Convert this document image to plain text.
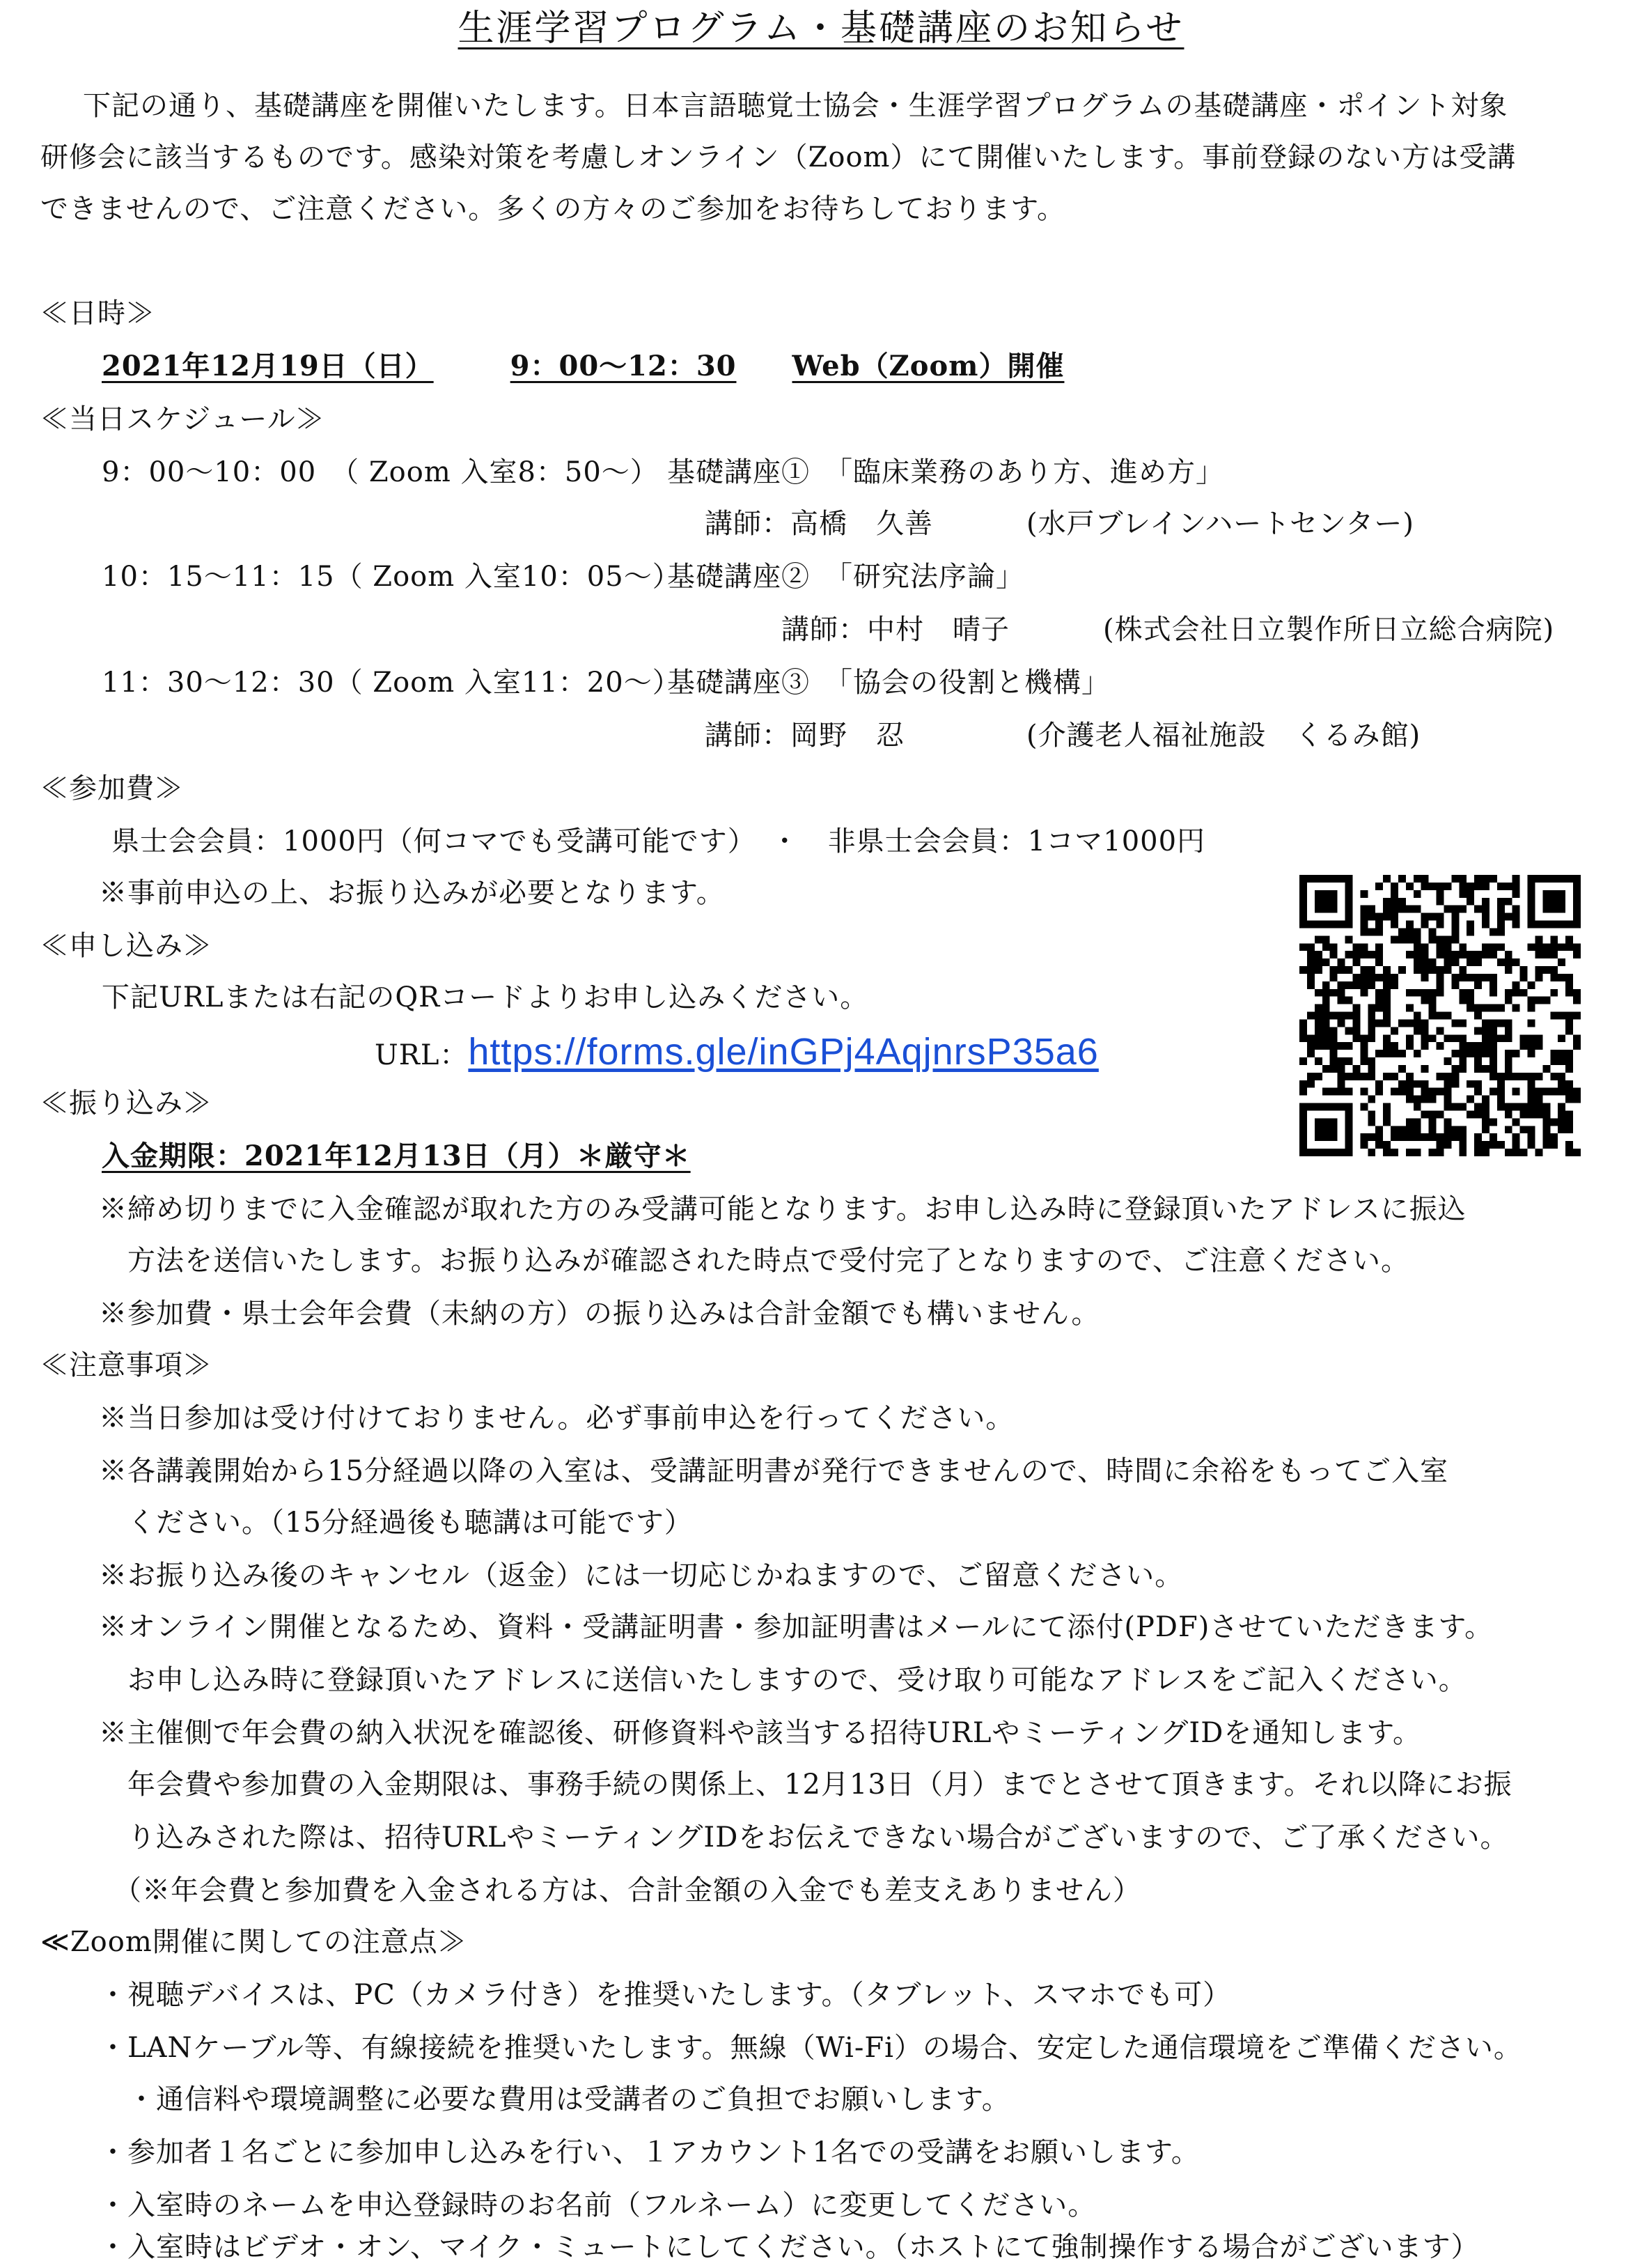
生涯学習プログラム・基礎講座のお知らせ
　下記の通り、基礎講座を開催いたします。日本言語聴覚士協会・生涯学習プログラムの基礎講座・ポイント対象
研修会に該当するものです。感染対策を考慮しオンライン（Zoom）にて開催いたします。事前登録のない方は受講
できませんので、ご注意ください。多くの方々のご参加をお待ちしております。
≪日時≫
2021年12月19日（日）	9：00～12：30 Web（Zoom）開催
≪当日スケジュール≫
9：00～10：00　（ Zoom 入室8：50～） 基礎講座①　「臨床業務のあり方、進め方」
講師：高橋　久善	(水戸ブレインハートセンター)
10：15～11：15（ Zoom 入室10：05～）
基礎講座②　「研究法序論」
講師：中村　晴子	(株式会社日立製作所日立総合病院)
11：30～12：30（ Zoom 入室11：20～）
基礎講座③　「協会の役割と機構」
講師：岡野　忍	(介護老人福祉施設　くるみ館)
≪参加費≫
県士会会員：1000円（何コマでも受講可能です）　・　非県士会会員：1コマ1000円
※事前申込の上、お振り込みが必要となります。
≪申し込み≫
下記URLまたは右記のQRコードよりお申し込みください。
URL：https://forms.gle/inGPj4AqjnrsP35a6
≪振り込み≫
入金期限：2021年12月13日（月）＊厳守＊
※締め切りまでに入金確認が取れた方のみ受講可能となります。お申し込み時に登録頂いたアドレスに振込
　方法を送信いたします。お振り込みが確認された時点で受付完了となりますので、ご注意ください。
※参加費・県士会年会費（未納の方）の振り込みは合計金額でも構いません。
≪注意事項≫
※当日参加は受け付けておりません。必ず事前申込を行ってください。
※各講義開始から15分経過以降の入室は、受講証明書が発行できませんので、時間に余裕をもってご入室
　ください。（15分経過後も聴講は可能です）
※お振り込み後のキャンセル（返金）には一切応じかねますので、ご留意ください。
※オンライン開催となるため、資料・受講証明書・参加証明書はメールにて添付(PDF)させていただきます。
　お申し込み時に登録頂いたアドレスに送信いたしますので、受け取り可能なアドレスをご記入ください。
※主催側で年会費の納入状況を確認後、研修資料や該当する招待URLやミーティングIDを通知します。
　年会費や参加費の入金期限は、事務手続の関係上、12月13日（月）までとさせて頂きます。それ以降にお振
　り込みされた際は、招待URLやミーティングIDをお伝えできない場合がございますので、ご了承ください。
　（※年会費と参加費を入金される方は、合計金額の入金でも差支えありません）
≪Zoom開催に関しての注意点≫
・視聴デバイスは、PC（カメラ付き）を推奨いたします。（タブレット、スマホでも可）
・LANケーブル等、有線接続を推奨いたします。無線（Wi-Fi）の場合、安定した通信環境をご準備ください。
　・通信料や環境調整に必要な費用は受講者のご負担でお願いします。
・参加者１名ごとに参加申し込みを行い、１アカウント1名での受講をお願いします。
・入室時のネームを申込登録時のお名前（フルネーム）に変更してください。
・入室時はビデオ・オン、マイク・ミュートにしてください。（ホストにて強制操作する場合がございます）
